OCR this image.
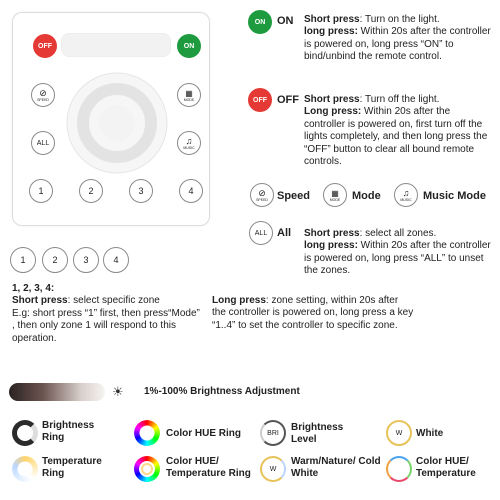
OFF	ON
⊘
SPEED
▦
MODE
ALL	♫
MUSIC
1	2	3	4
ON	ON Short press: Turn on the light.
long press: Within 20s after the controller is powered on, long press “ON” to bind/unbind the remote control.
OFF OFF Short press: Turn off the light.
Long press: Within 20s after the controller is powered on, first turn off the lights completely, and then long press the “OFF” button to clear all bound remote controls.
⊘
SPEED Speed	▦
MODE Mode ♫
MUSIC Music Mode
ALL All Short press: select all zones.
long press: Within 20s after the controller is powered on, long press “ALL” to unset the zones.
1	2	3	4
1, 2, 3, 4:
Short press: select specific zone
E.g: short press “1” first, then press“Mode” , then only zone 1 will respond to this operation.
Long press: zone setting, within 20s after the controller is powered on, long press a key “1..4” to set the controller to specific zone.
☀ 1%-100% Brightness Adjustment
Brightness Ring	Color HUE Ring	BRI	Brightness Level
W	White
Temperature Ring
Color HUE/ Temperature Ring	W
Warm/Nature/ Cold White
Color HUE/ Temperature
